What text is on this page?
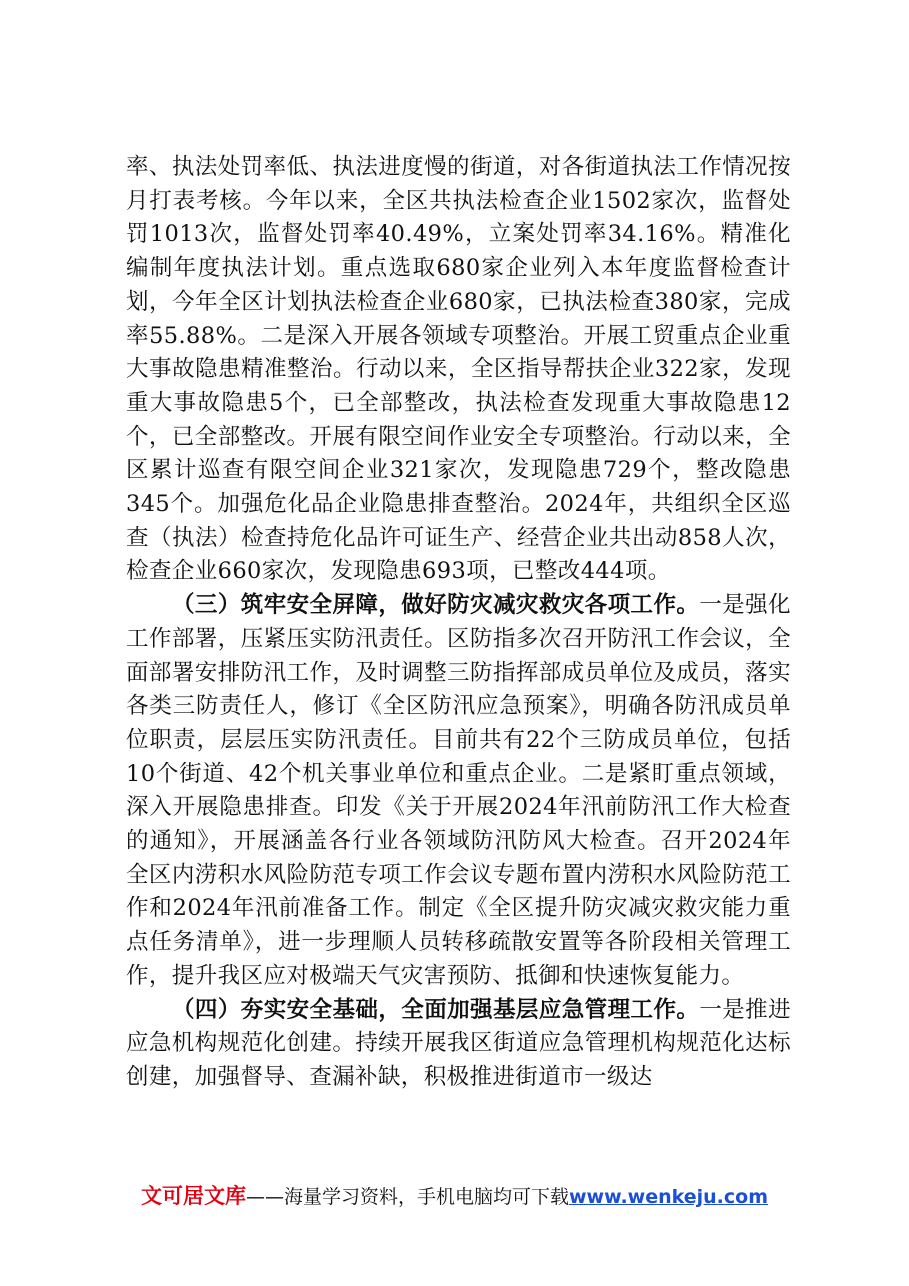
率、执法处罚率低、执法进度慢的街道，对各街道执法工作情况按月打表考核。今年以来，全区共执法检查企业1502家次，监督处罚1013次，监督处罚率40.49%，立案处罚率34.16%。精准化编制年度执法计划。重点选取680家企业列入本年度监督检查计划，今年全区计划执法检查企业680家，已执法检查380家，完成率55.88%。二是深入开展各领域专项整治。开展工贸重点企业重大事故隐患精准整治。行动以来，全区指导帮扶企业322家，发现重大事故隐患5个，已全部整改，执法检查发现重大事故隐患12个，已全部整改。开展有限空间作业安全专项整治。行动以来，全区累计巡查有限空间企业321家次，发现隐患729个，整改隐患345个。加强危化品企业隐患排查整治。2024年，共组织全区巡查（执法）检查持危化品许可证生产、经营企业共出动858人次，检查企业660家次，发现隐患693项，已整改444项。

（三）筑牢安全屏障，做好防灾减灾救灾各项工作。一是强化工作部署，压紧压实防汛责任。区防指多次召开防汛工作会议，全面部署安排防汛工作，及时调整三防指挥部成员单位及成员，落实各类三防责任人，修订《全区防汛应急预案》，明确各防汛成员单位职责，层层压实防汛责任。目前共有22个三防成员单位，包括10个街道、42个机关事业单位和重点企业。二是紧盯重点领域，深入开展隐患排查。印发《关于开展2024年汛前防汛工作大检查的通知》，开展涵盖各行业各领域防汛防风大检查。召开2024年全区内涝积水风险防范专项工作会议专题布置内涝积水风险防范工作和2024年汛前准备工作。制定《全区提升防灾减灾救灾能力重点任务清单》，进一步理顺人员转移疏散安置等各阶段相关管理工作，提升我区应对极端天气灾害预防、抵御和快速恢复能力。

（四）夯实安全基础，全面加强基层应急管理工作。一是推进应急机构规范化创建。持续开展我区街道应急管理机构规范化达标创建，加强督导、查漏补缺，积极推进街道市一级达

文可居文库——海量学习资料，手机电脑均可下载www.wenkeju.com
